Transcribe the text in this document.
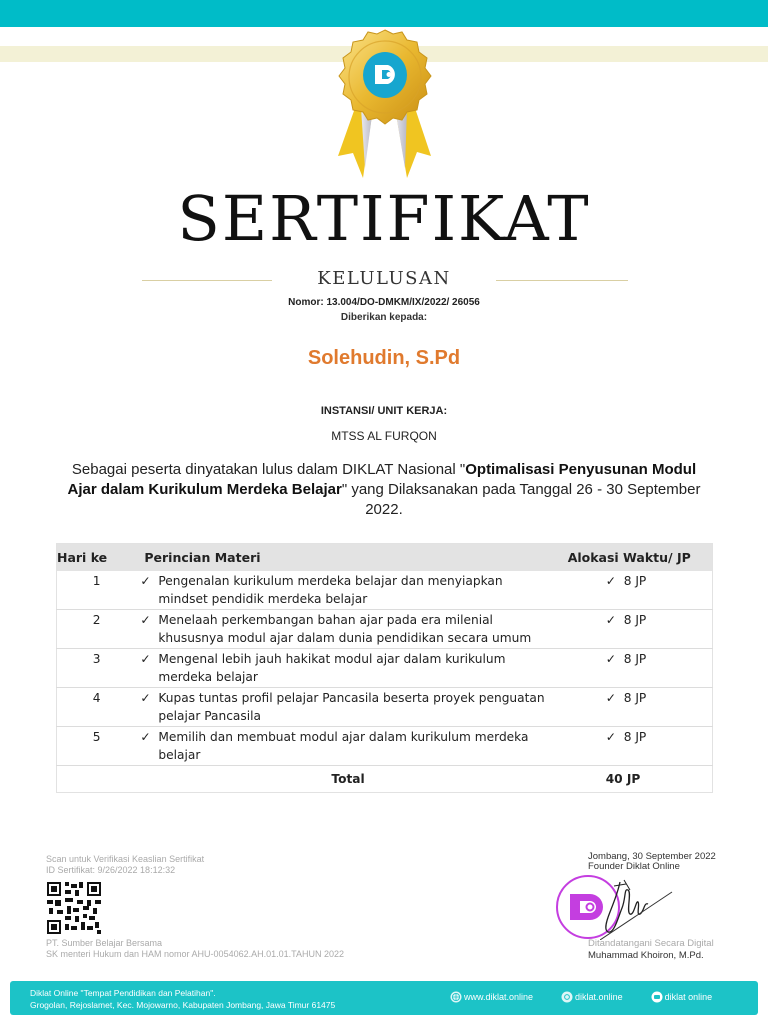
SERTIFIKAT
KELULUSAN
Nomor: 13.004/DO-DMKM/IX/2022/ 26056
Diberikan kepada:
Solehudin, S.Pd
INSTANSI/ UNIT KERJA:
MTSS AL FURQON
Sebagai peserta dinyatakan lulus dalam DIKLAT Nasional "Optimalisasi Penyusunan Modul Ajar dalam Kurikulum Merdeka Belajar" yang Dilaksanakan pada Tanggal 26 - 30 September 2022.
Hari ke	Perincian Materi	Alokasi Waktu/ JP
1	✓ Pengenalan kurikulum merdeka belajar dan menyiapkan mindset pendidik merdeka belajar	✓ 8 JP
2	✓ Menelaah perkembangan bahan ajar pada era milenial khususnya modul ajar dalam dunia pendidikan secara umum	✓ 8 JP
3	✓ Mengenal lebih jauh hakikat modul ajar dalam kurikulum merdeka belajar	✓ 8 JP
4	✓ Kupas tuntas profil pelajar Pancasila beserta proyek penguatan pelajar Pancasila	✓ 8 JP
5	✓ Memilih dan membuat modul ajar dalam kurikulum merdeka belajar	✓ 8 JP
	Total	40 JP
Scan untuk Verifikasi Keaslian Sertifikat
ID Sertifikat: 9/26/2022 18:12:32
PT. Sumber Belajar Bersama
SK menteri Hukum dan HAM nomor AHU-0054062.AH.01.01.TAHUN 2022
Jombang, 30 September 2022
Founder Diklat Online
Ditandatangani Secara Digital
Muhammad Khoiron, M.Pd.
Diklat Online "Tempat Pendidikan dan Pelatihan".
Grogolan, Rejoslamet, Kec. Mojowarno, Kabupaten Jombang, Jawa Timur 61475
www.diklat.online	diklat.online	diklat online
